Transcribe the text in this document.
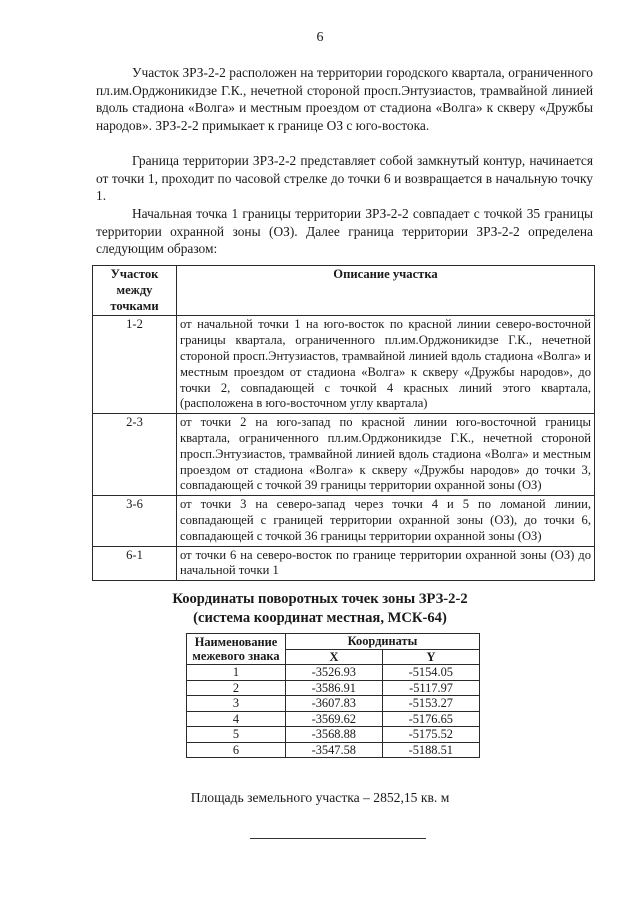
6

Участок ЗРЗ-2-2 расположен на территории городского квартала, ограниченного пл.им.Орджоникидзе Г.К., нечетной стороной просп.Энтузиастов, трамвайной линией вдоль стадиона «Волга» и местным проездом от стадиона «Волга» к скверу «Дружбы народов». ЗРЗ-2-2 примыкает к границе ОЗ с юго-востока.

Граница территории ЗРЗ-2-2 представляет собой замкнутый контур, начинается от точки 1, проходит по часовой стрелке до точки 6 и возвращается в начальную точку 1.

Начальная точка 1 границы территории ЗРЗ-2-2 совпадает с точкой 35 границы территории охранной зоны (ОЗ). Далее граница территории ЗРЗ-2-2 определена следующим образом:

Участок между точками	Описание участка
1-2	от начальной точки 1 на юго-восток по красной линии северо-восточной границы квартала, ограниченного пл.им.Орджоникидзе Г.К., нечетной стороной просп.Энтузиастов, трамвайной линией вдоль стадиона «Волга» и местным проездом от стадиона «Волга» к скверу «Дружбы народов», до точки 2, совпадающей с точкой 4 красных линий этого квартала, (расположена в юго-восточном углу квартала)
2-3	от точки 2 на юго-запад по красной линии юго-восточной границы квартала, ограниченного пл.им.Орджоникидзе Г.К., нечетной стороной просп.Энтузиастов, трамвайной линией вдоль стадиона «Волга» и местным проездом от стадиона «Волга» к скверу «Дружбы народов» до точки 3, совпадающей с точкой 39 границы территории охранной зоны (ОЗ)
3-6	от точки 3 на северо-запад через точки 4 и 5 по ломаной линии, совпадающей с границей территории охранной зоны (ОЗ), до точки 6, совпадающей с точкой 36 границы территории охранной зоны (ОЗ)
6-1	от точки 6 на северо-восток по границе территории охранной зоны (ОЗ) до начальной точки 1
Координаты поворотных точек зоны ЗРЗ-2-2
(система координат местная, МСК-64)
Наименование межевого знака	Координаты	
	X	Y
1	-3526.93	-5154.05
2	-3586.91	-5117.97
3	-3607.83	-5153.27
4	-3569.62	-5176.65
5	-3568.88	-5175.52
6	-3547.58	-5188.51
Площадь земельного участка – 2852,15 кв. м
